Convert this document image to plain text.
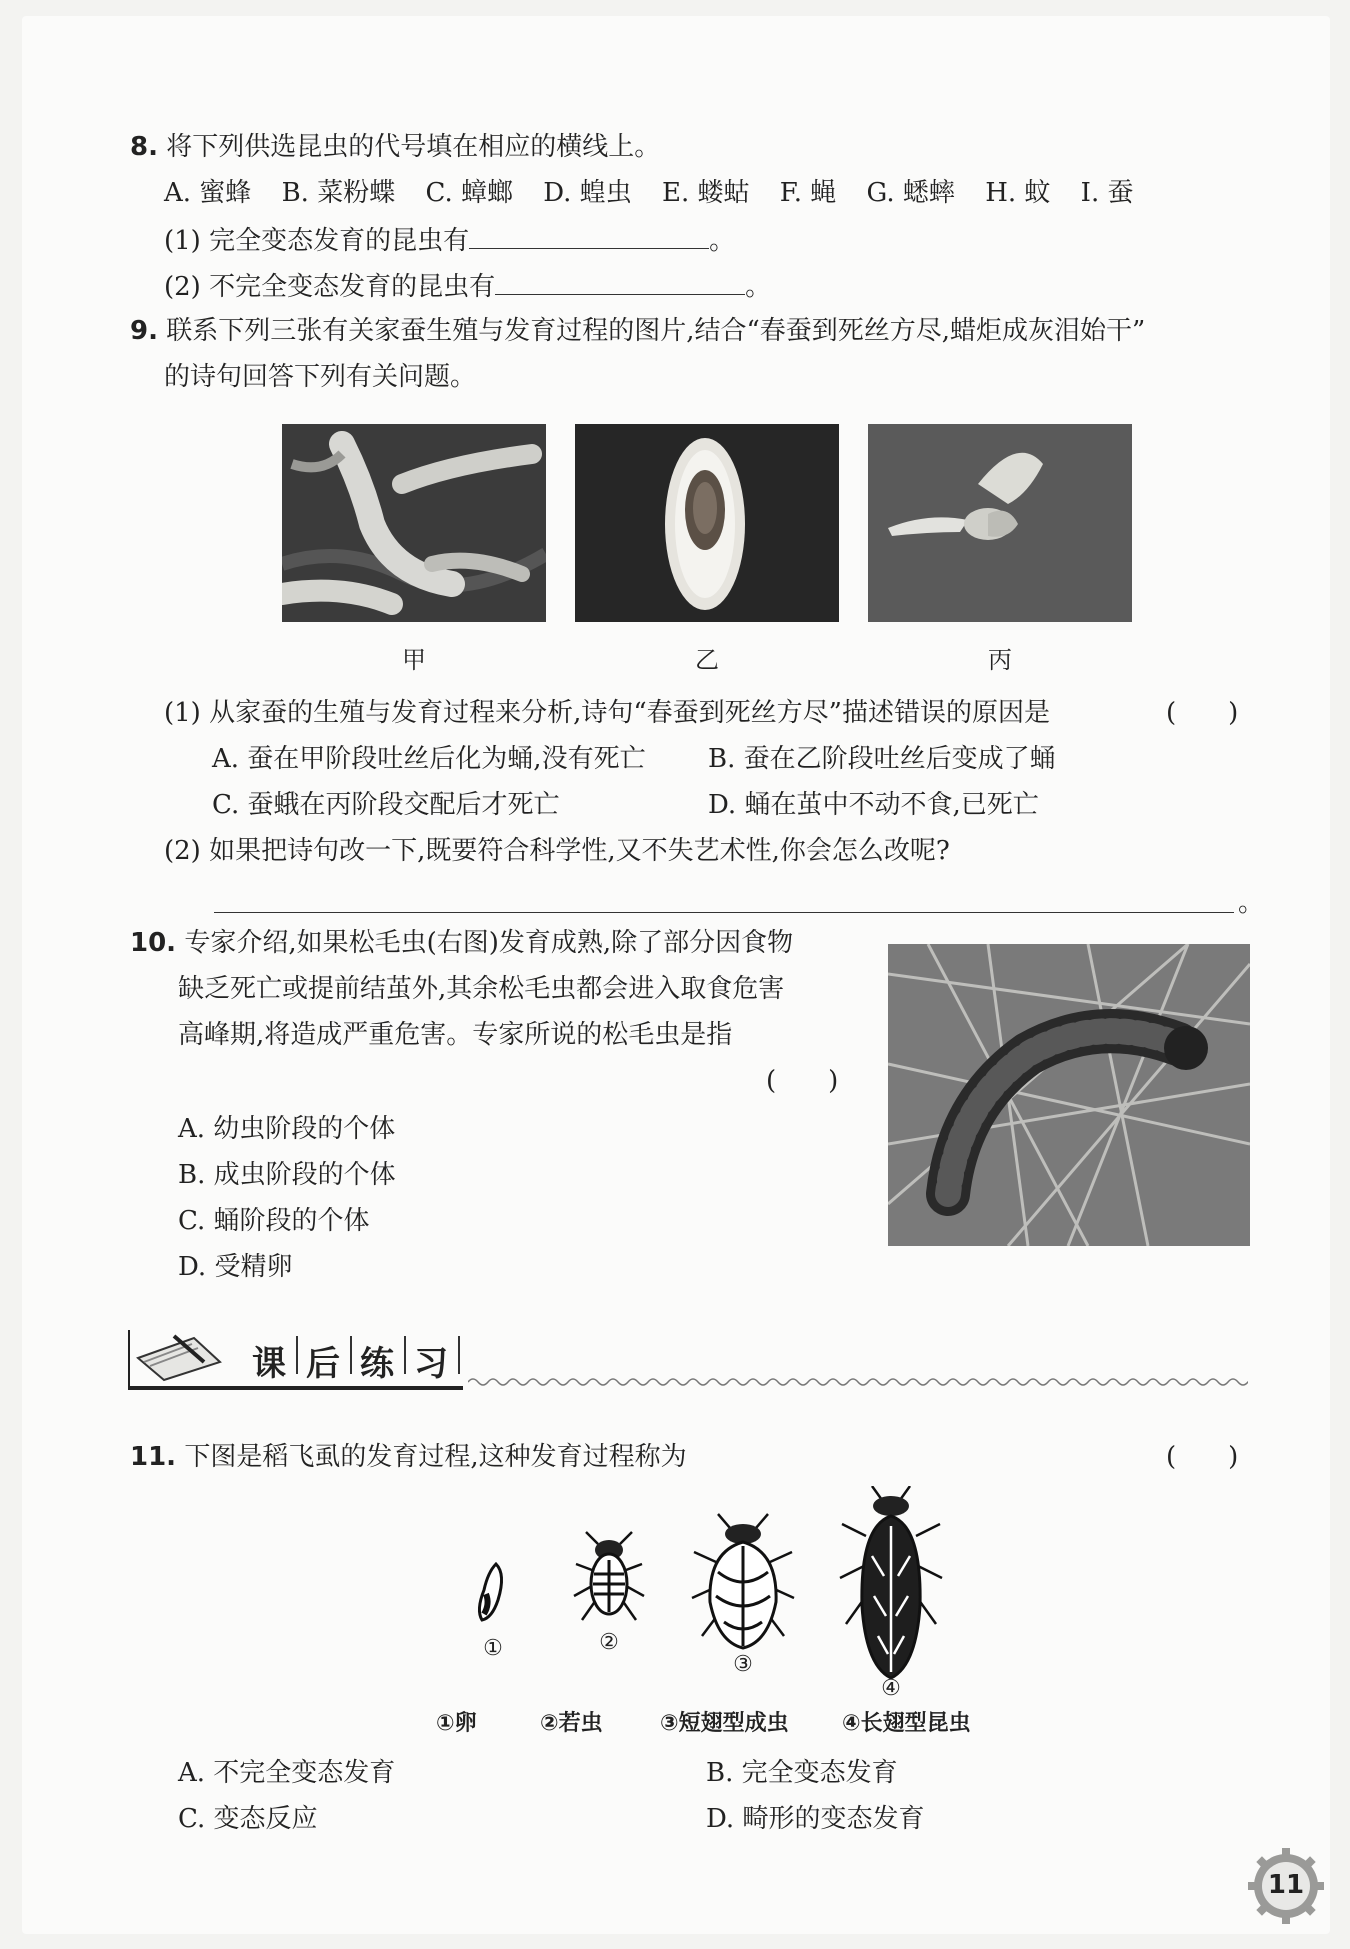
8. 将下列供选昆虫的代号填在相应的横线上。
A. 蜜蜂 B. 菜粉蝶 C. 蟑螂 D. 蝗虫 E. 蝼蛄 F. 蝇 G. 蟋蟀 H. 蚊 I. 蚕
(1) 完全变态发育的昆虫有	。
(2) 不完全变态发育的昆虫有	。
9. 联系下列三张有关家蚕生殖与发育过程的图片,结合“春蚕到死丝方尽,蜡炬成灰泪始干”
的诗句回答下列有关问题。
甲	乙	丙
(1) 从家蚕的生殖与发育过程来分析,诗句“春蚕到死丝方尽”描述错误的原因是	(　　)
A. 蚕在甲阶段吐丝后化为蛹,没有死亡 B. 蚕在乙阶段吐丝后变成了蛹
C. 蚕蛾在丙阶段交配后才死亡	D. 蛹在茧中不动不食,已死亡
(2) 如果把诗句改一下,既要符合科学性,又不失艺术性,你会怎么改呢?
。
10. 专家介绍,如果松毛虫(右图)发育成熟,除了部分因食物
缺乏死亡或提前结茧外,其余松毛虫都会进入取食危害
高峰期,将造成严重危害。专家所说的松毛虫是指
(　　)
A. 幼虫阶段的个体
B. 成虫阶段的个体
C. 蛹阶段的个体
D. 受精卵
课 后 练 习
11. 下图是稻飞虱的发育过程,这种发育过程称为	(　　)
①	②
③
④
①卵	②若虫	③短翅型成虫 ④长翅型昆虫
A. 不完全变态发育	B. 完全变态发育
C. 变态反应	D. 畸形的变态发育
11
